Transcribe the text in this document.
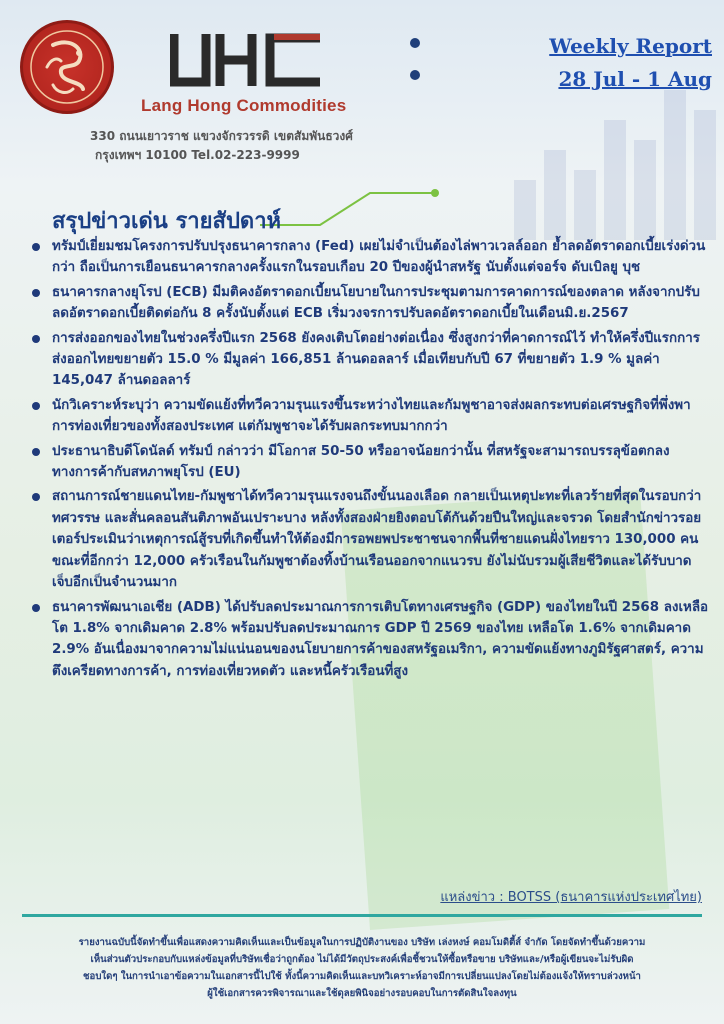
Lang Hong Commodities
330 ถนนเยาวราช แขวงจักรวรรดิ เขตสัมพันธวงศ์
กรุงเทพฯ 10100 Tel.02-223-9999
Weekly Report
28 Jul - 1 Aug
สรุปข่าวเด่น รายสัปดาห์
ทรัมป์เยี่ยมชมโครงการปรับปรุงธนาคารกลาง (Fed) เผยไม่จำเป็นต้องไล่พาวเวลล์ออก ย้ำลดอัตราดอกเบี้ยเร่งด่วนกว่า ถือเป็นการเยือนธนาคารกลางครั้งแรกในรอบเกือบ 20 ปีของผู้นำสหรัฐ นับตั้งแต่จอร์จ ดับเบิลยู บุช
ธนาคารกลางยุโรป (ECB) มีมติคงอัตราดอกเบี้ยนโยบายในการประชุมตามการคาดการณ์ของตลาด หลังจากปรับลดอัตราดอกเบี้ยติดต่อกัน 8 ครั้งนับตั้งแต่ ECB เริ่มวงจรการปรับลดอัตราดอกเบี้ยในเดือนมิ.ย.2567
การส่งออกของไทยในช่วงครึ่งปีแรก 2568 ยังคงเติบโตอย่างต่อเนื่อง ซึ่งสูงกว่าที่คาดการณ์ไว้ ทำให้ครึ่งปีแรกการส่งออกไทยขยายตัว 15.0 % มีมูลค่า 166,851 ล้านดอลลาร์ เมื่อเทียบกับปี 67 ที่ขยายตัว 1.9 % มูลค่า 145,047 ล้านดอลลาร์
นักวิเคราะห์ระบุว่า ความขัดแย้งที่ทวีความรุนแรงขึ้นระหว่างไทยและกัมพูชาอาจส่งผลกระทบต่อเศรษฐกิจที่พึ่งพาการท่องเที่ยวของทั้งสองประเทศ แต่กัมพูชาจะได้รับผลกระทบมากกว่า
ประธานาธิบดีโดนัลด์ ทรัมป์ กล่าวว่า มีโอกาส 50-50 หรืออาจน้อยกว่านั้น ที่สหรัฐจะสามารถบรรลุข้อตกลงทางการค้ากับสหภาพยุโรป (EU)
สถานการณ์ชายแดนไทย-กัมพูชาได้ทวีความรุนแรงจนถึงขั้นนองเลือด กลายเป็นเหตุปะทะที่เลวร้ายที่สุดในรอบกว่าทศวรรษ และสั่นคลอนสันติภาพอันเปราะบาง หลังทั้งสองฝ่ายยิงตอบโต้กันด้วยปืนใหญ่และจรวด โดยสำนักข่าวรอยเตอร์ประเมินว่าเหตุการณ์สู้รบที่เกิดขึ้นทำให้ต้องมีการอพยพประชาชนจากพื้นที่ชายแดนฝั่งไทยราว 130,000 คน ขณะที่อีกกว่า 12,000 ครัวเรือนในกัมพูชาต้องทิ้งบ้านเรือนออกจากแนวรบ ยังไม่นับรวมผู้เสียชีวิตและได้รับบาดเจ็บอีกเป็นจำนวนมาก
ธนาคารพัฒนาเอเชีย (ADB) ได้ปรับลดประมาณการการเติบโตทางเศรษฐกิจ (GDP) ของไทยในปี 2568 ลงเหลือโต 1.8% จากเดิมคาด 2.8% พร้อมปรับลดประมาณการ GDP ปี 2569 ของไทย เหลือโต 1.6% จากเดิมคาด 2.9% อันเนื่องมาจากความไม่แน่นอนของนโยบายการค้าของสหรัฐอเมริกา, ความขัดแย้งทางภูมิรัฐศาสตร์, ความตึงเครียดทางการค้า, การท่องเที่ยวหดตัว และหนี้ครัวเรือนที่สูง
แหล่งข่าว : BOTSS (ธนาคารแห่งประเทศไทย)
รายงานฉบับนี้จัดทำขึ้นเพื่อแสดงความคิดเห็นและเป็นข้อมูลในการปฏิบัติงานของ บริษัท เล่งหงษ์ คอมโมดิตี้ส์ จำกัด โดยจัดทำขึ้นด้วยความ
เห็นส่วนตัวประกอบกับแหล่งข้อมูลที่บริษัทเชื่อว่าถูกต้อง ไม่ได้มีวัตถุประสงค์เพื่อชี้ชวนให้ซื้อหรือขาย บริษัทและ/หรือผู้เขียนจะไม่รับผิด
ชอบใดๆ ในการนำเอาข้อความในเอกสารนี้ไปใช้ ทั้งนี้ความคิดเห็นและบทวิเคราะห์อาจมีการเปลี่ยนแปลงโดยไม่ต้องแจ้งให้ทราบล่วงหน้า
ผู้ใช้เอกสารควรพิจารณาและใช้ดุลยพินิจอย่างรอบคอบในการตัดสินใจลงทุน
